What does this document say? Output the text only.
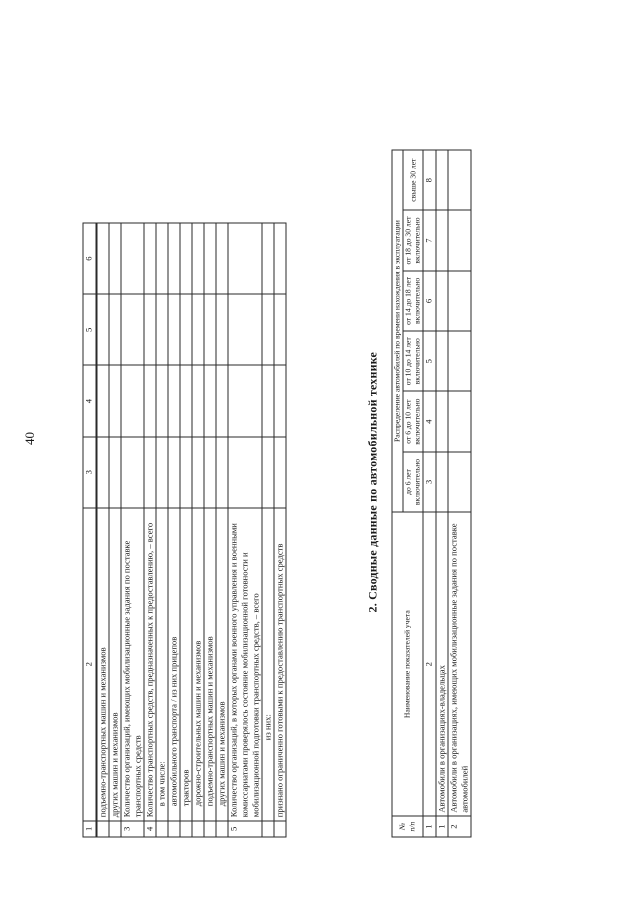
40
1	2	3	4	5	6
	подъемно-транспортных машин и механизмов				
	других машин и механизмов				
3	Количество организаций, имеющих мобилизационные задания по поставке транспортных средств				
4	Количество транспортных средств, предназначенных к предоставлению, – всего				
	в том числе:				
	автомобильного транспорта / из них прицепов				
	тракторов				
	дорожно-строительных машин и механизмов				
	подъемно-транспортных машин и механизмов				
	других машин и механизмов				
5	Количество организаций, в которых органами военного управления и военными комиссариатами проверялось состояние мобилизационной готовности и мобилизационной подготовки транспортных средств, – всего				
	из них:				
	признано ограниченно готовыми к предоставлению транспортных средств				
2. Сводные данные по автомобильной технике
№ п/п	Наименование показателей учета	Распределение автомобилей по времени нахождения в эксплуатации					
		до 6 лет включительно	от 6 до 10 лет включительно	от 10 до 14 лет включительно	от 14 до 18 лет включительно	от 18 до 30 лет включительно	свыше 30 лет
1	2	3	4	5	6	7	8
1	Автомобили в организациях-владельцах						
2	Автомобили в организациях, имеющих мобилизационные задания по поставке автомобилей						
